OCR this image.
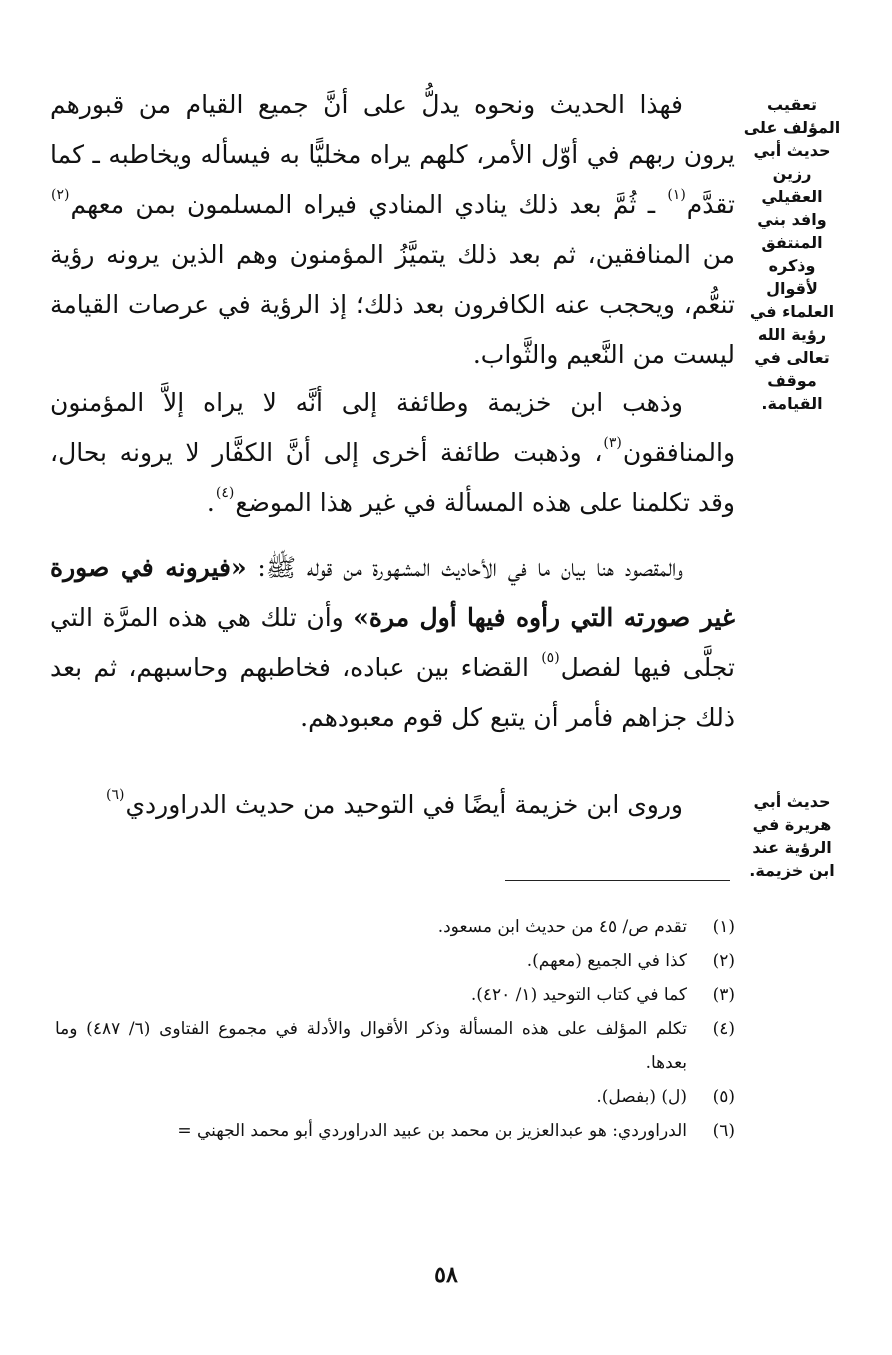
فهذا الحديث ونحوه يدلُّ على أنَّ جميع القيام من قبورهم يرون ربهم في أوّل الأمر، كلهم يراه مخليًّا به فيسأله ويخاطبه ـ كما تقدَّم$^{(١)}$ ـ ثُمَّ بعد ذلك ينادي المنادي فيراه المسلمون بمن معهم$^{(٢)}$ من المنافقين، ثم بعد ذلك يتميَّزُ المؤمنون وهم الذين يرونه رؤية تنعُّم، ويحجب عنه الكافرون بعد ذلك؛ إذ الرؤية في عرصات القيامة ليست من النَّعيم والثَّواب.

وذهب ابن خزيمة وطائفة إلى أنَّه لا يراه إلاَّ المؤمنون والمنافقون$^{(٣)}$، وذهبت طائفة أخرى إلى أنَّ الكفَّار لا يرونه بحال، وقد تكلمنا على هذه المسألة في غير هذا الموضع$^{(٤)}$.

والمقصود هنا بيان ما في الأحاديث المشهورة من قوله ﷺ: «فيرونه في صورة غير صورته التي رأوه فيها أول مرة» وأن تلك هي هذه المرَّة التي تجلَّى فيها لفصل$^{(٥)}$ القضاء بين عباده، فخاطبهم وحاسبهم، ثم بعد ذلك جزاهم فأمر أن يتبع كل قوم معبودهم.

وروى ابن خزيمة أيضًا في التوحيد من حديث الدراوردي$^{(٦)}$

تعقيب المؤلف على حديث أبي رزين العقيلي وافد بني المنتفق وذكره لأقوال العلماء في رؤية الله تعالى في موقف القيامة.
حديث أبي هريرة في الرؤية عند ابن خزيمة.
(١)
تقدم ص/ ٤٥ من حديث ابن مسعود.
(٢)
كذا في الجميع (معهم).
(٣)
كما في كتاب التوحيد (١/ ٤٢٠).
(٤)
تكلم المؤلف على هذه المسألة وذكر الأقوال والأدلة في مجموع الفتاوى (٦/ ٤٨٧) وما بعدها.
(٥)
(ل) (بفصل).
(٦)
الدراوردي: هو عبدالعزيز بن محمد بن عبيد الدراوردي أبو محمد الجهني =
٥٨
